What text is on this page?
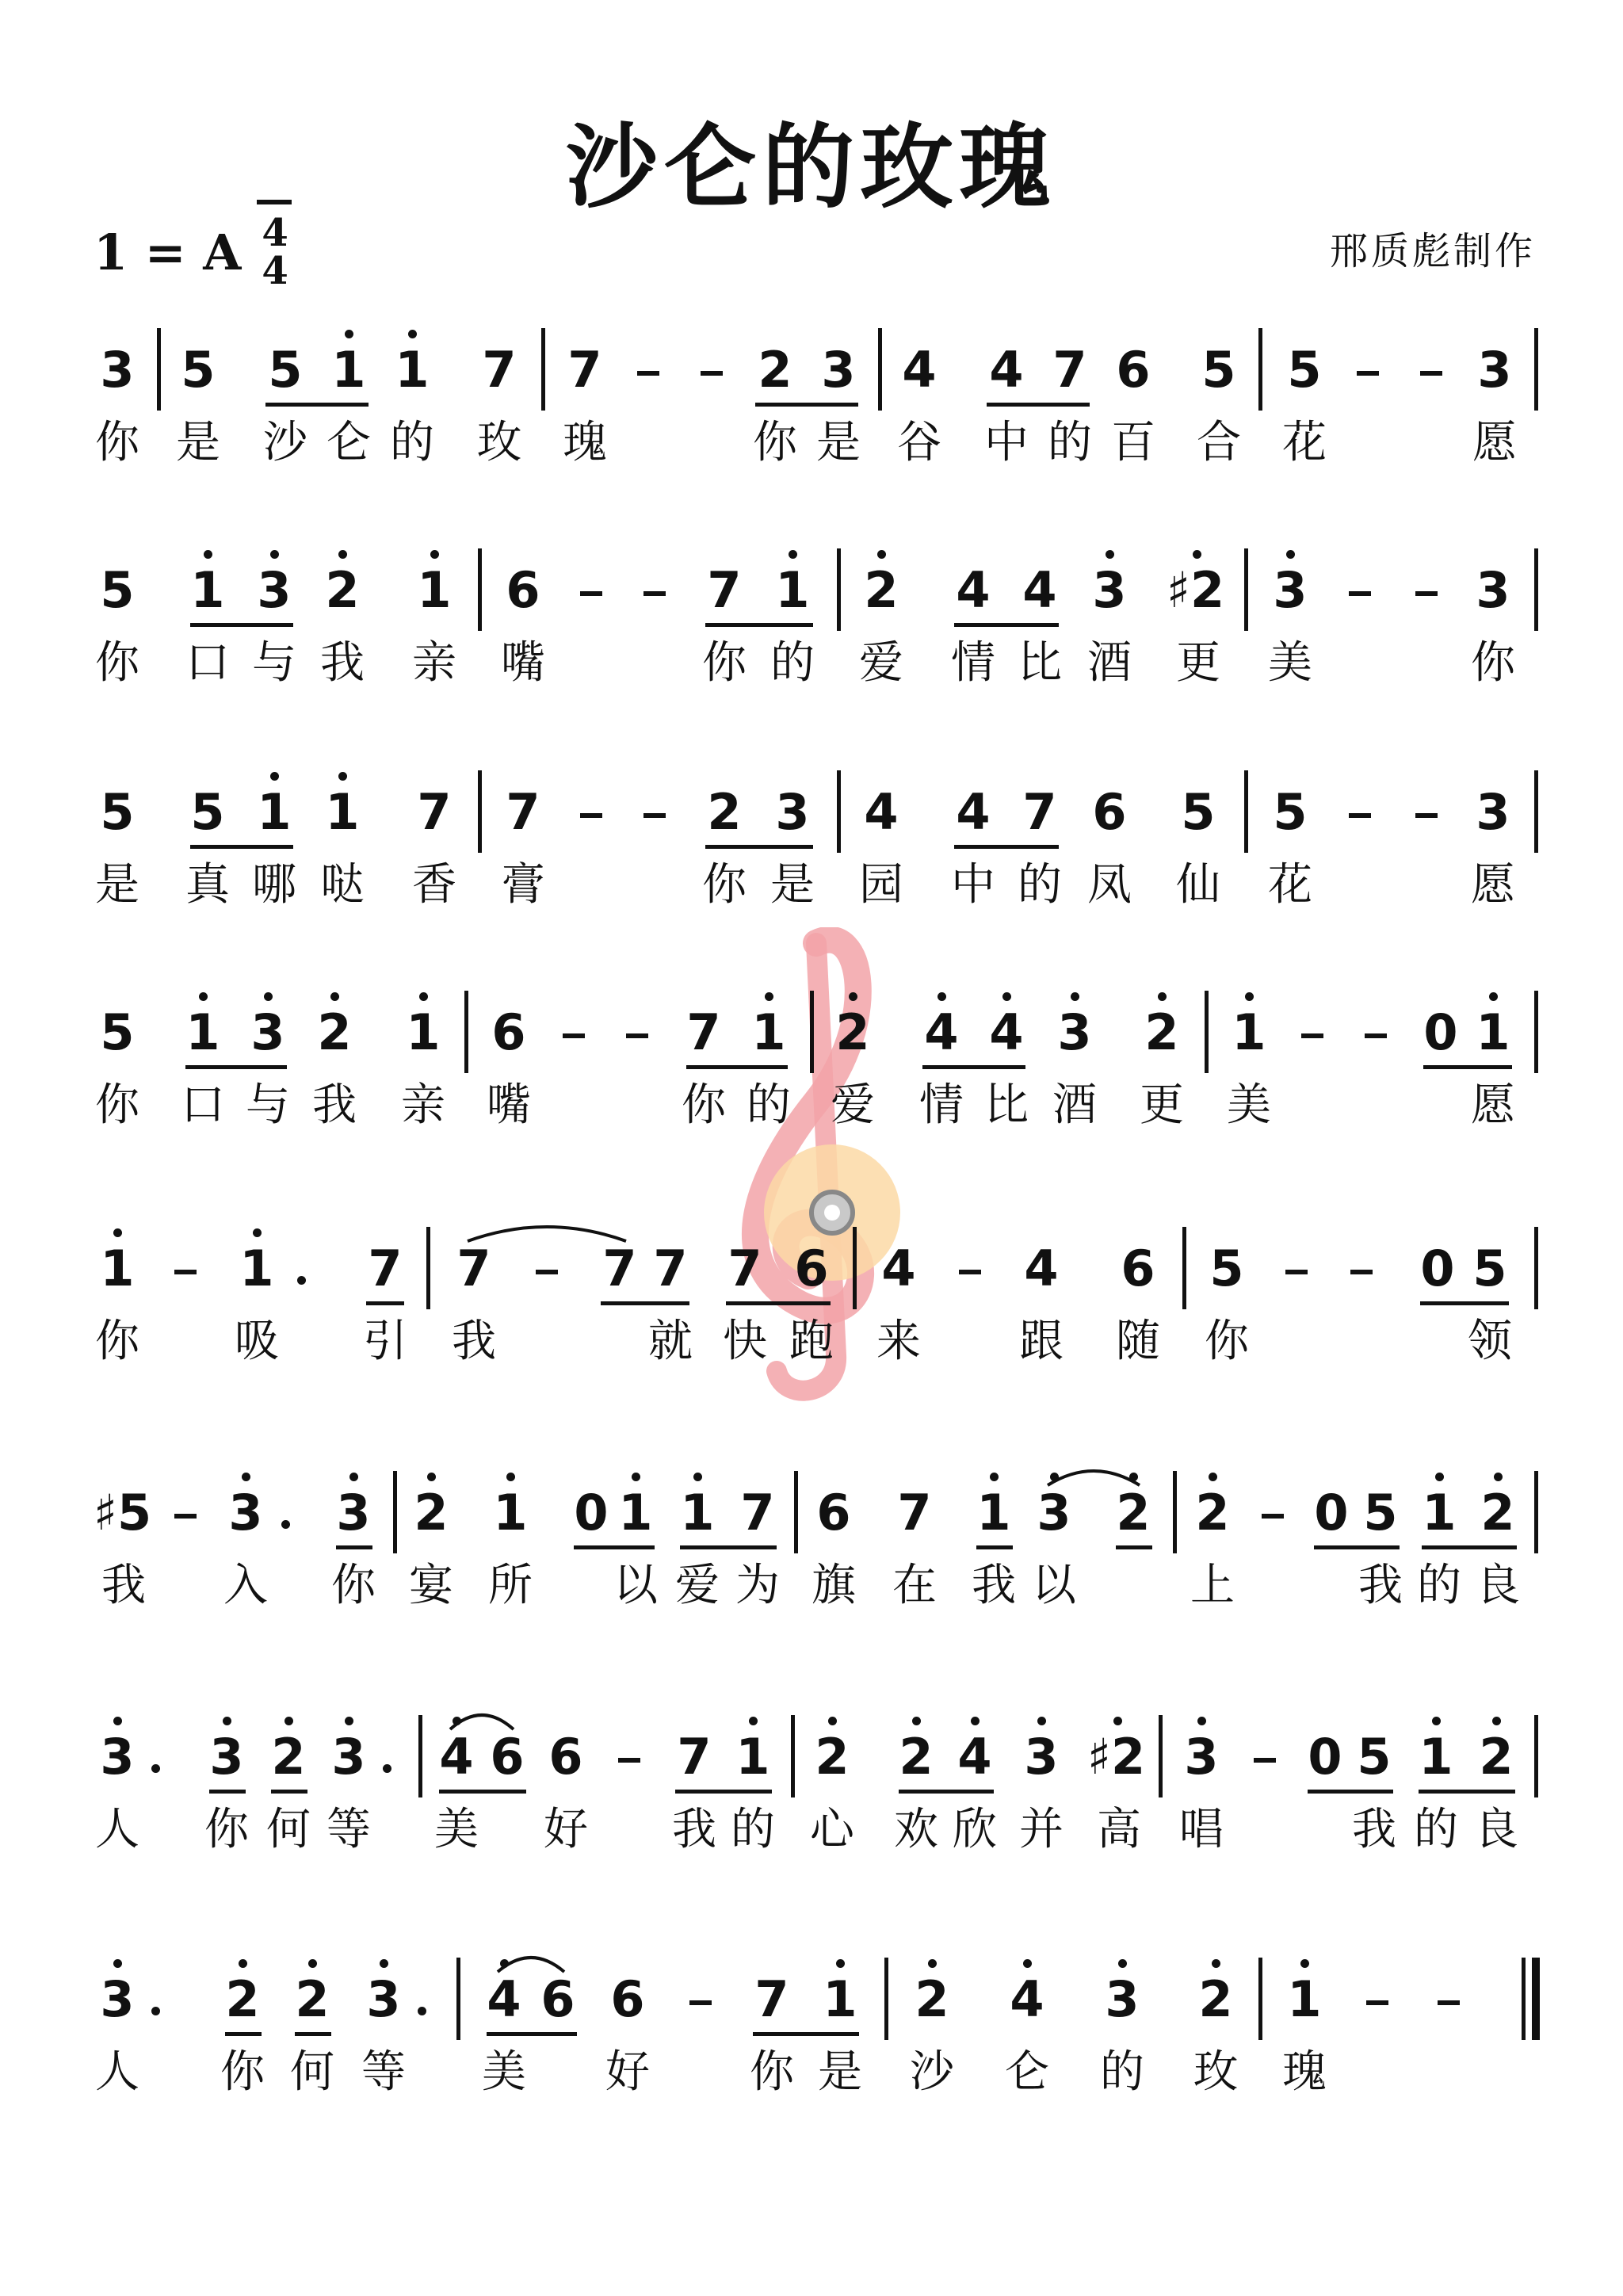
沙仑的玫瑰
1 = A 4
4	邢质彪制作
3 5 5 1 1 7 7	2 3 4 4 7 6 5 5	3
你 是 沙 仑 的 玫 瑰	你 是 谷 中 的 百 合 花	愿
5 1 3 2 1 6	7 1 2 4 4 3 ♯2 3	3
你 口 与 我 亲 嘴	你 的 爱 情 比 酒 更 美	你
5 5 1 1 7 7	2 3 4 4 7 6 5 5	3
是 真 哪 哒 香 膏	你 是 园 中 的 凤 仙 花	愿
5 1 3 2 1 6	7 1 2 4 4 3 2 1	0 1
你 口 与 我 亲 嘴	你 的 爱 情 比 酒 更 美	愿
1 1 7 7 7 7 7 6 4 4 6 5	0 5
你 吸 引 我	就 快 跑 来 跟 随 你	领
♯5 3 3 2 1 0 1 1 7 6 7 1 3 2 2 0 5 1 2
我 入 你 宴 所 以 爱 为 旗 在 我 以	上	我 的 良
3 3 2 3 4 6 6 7 1 2 2 4 3 ♯2 3 0 5 1 2
人 你 何 等 美 好 我 的 心 欢 欣 并 高 唱	我 的 良
3 2 2 3 4 6 6 7 1 2 4 3 2 1
人 你 何 等 美 好 你 是 沙 仑 的 玫 瑰
